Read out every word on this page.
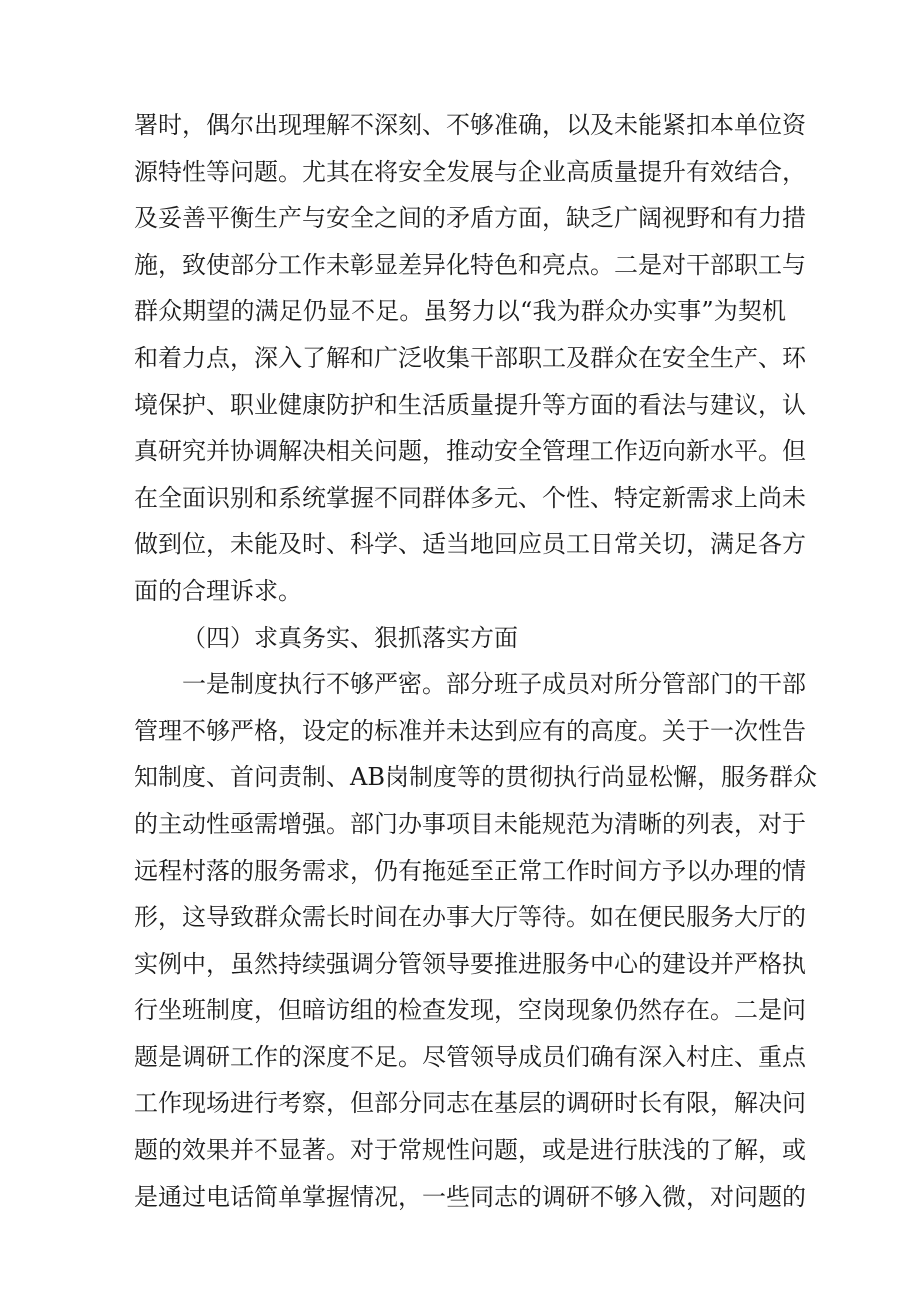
署时，偶尔出现理解不深刻、不够准确，以及未能紧扣本单位资
源特性等问题。尤其在将安全发展与企业高质量提升有效结合，
及妥善平衡生产与安全之间的矛盾方面，缺乏广阔视野和有力措
施，致使部分工作未彰显差异化特色和亮点。二是对干部职工与
群众期望的满足仍显不足。虽努力以“我为群众办实事”为契机
和着力点，深入了解和广泛收集干部职工及群众在安全生产、环
境保护、职业健康防护和生活质量提升等方面的看法与建议，认
真研究并协调解决相关问题，推动安全管理工作迈向新水平。但
在全面识别和系统掌握不同群体多元、个性、特定新需求上尚未
做到位，未能及时、科学、适当地回应员工日常关切，满足各方
面的合理诉求。
（四）求真务实、狠抓落实方面
一是制度执行不够严密。部分班子成员对所分管部门的干部
管理不够严格，设定的标准并未达到应有的高度。关于一次性告
知制度、首问责制、AB岗制度等的贯彻执行尚显松懈，服务群众
的主动性亟需增强。部门办事项目未能规范为清晰的列表，对于
远程村落的服务需求，仍有拖延至正常工作时间方予以办理的情
形，这导致群众需长时间在办事大厅等待。如在便民服务大厅的
实例中，虽然持续强调分管领导要推进服务中心的建设并严格执
行坐班制度，但暗访组的检查发现，空岗现象仍然存在。二是问
题是调研工作的深度不足。尽管领导成员们确有深入村庄、重点
工作现场进行考察，但部分同志在基层的调研时长有限，解决问
题的效果并不显著。对于常规性问题，或是进行肤浅的了解，或
是通过电话简单掌握情况，一些同志的调研不够入微，对问题的
